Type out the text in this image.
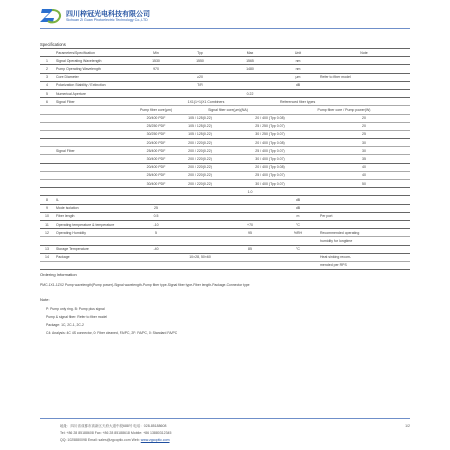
四川梓冠光电科技有限公司
Sichuan Zi Guan Photoelectric Technology Co.,LTD
Specifications
	Parameters/Specification	Min	Typ	Max	Unit	Note
1	Signal Operating Wavelength	1530	1550	1565	nm	
2	Pump Operating Wavelength	970		1480	nm	
3	Core Diameter		≥20		μm	Refer to fiber model
4	Polarization Stability / Extinction		T/R		dB	
5	Numerical Aperture			0.22		
6	Signal Fiber	1X1(1+1)X1 Combiners			Referenced fiber types	
		Pump fiber core(μm)	Signal fiber core(μm)(NA)		Pump fiber core / Pump power(W)	
		20/400 PDF	105 / 125(0.22)	20 / 400 (Typ 0.08)		20
		25/250 PDF	105 / 125(0.22)	25 / 250 (Typ 0.07)		20
		30/250 PDF	105 / 125(0.22)	30 / 250 (Typ 0.07)		25
		20/400 PDF	200 / 220(0.22)	20 / 400 (Typ 0.08)		30
	Signal Fiber	25/400 PDF	200 / 220(0.22)	25 / 400 (Typ 0.07)		30
		30/400 PDF	200 / 220(0.22)	30 / 400 (Typ 0.07)		35
		20/400 PDF	200 / 220(0.22)	20 / 400 (Typ 0.08)		40
		25/400 PDF	200 / 220(0.22)	25 / 400 (Typ 0.07)		40
		30/400 PDF	200 / 220(0.22)	30 / 400 (Typ 0.07)		50
				1.0		
8	IL				dB	
9	Mode isolation	25			dB	
10	Fiber length	0.5			m	Per port
11	Operating temperature & temperature	-10		+70	°C	
12	Operating Humidity	5		95	%RH	Recommended operating
						humidity for longtime
13	Storage Temperature	-40		85	°C	
14	Package		10×28, 50×60			Heat sinking recom-
						mended per RPS
Ordering Information
PMC-1X1-1ZX2 Pump wavelength(Pump power)-Signal wavelength-Pump fiber type-Signal fiber type-Fiber length-Package-Connector type
Note:
P: Pump only ring. B: Pump plus signal
Pump & signal fiber: Refer to fiber model
Package: 1C, 2C-1, 2C-2
C4: Analysis: 4C 4S connector, 0: Fiber cleaned, FA/PC, 2F: FA/PC, 0: Standard FA/PC
地址：四川省成都市高新区天府大道中段688号 电话：028-85188608
Tel: +86 28 85188608 Fax: +86 28 85188618 Mobile: +86 13880312345
QQ: 1025880098 Email: sales@zgcoptic.com Web: www.zgcoptic.com
1/2
